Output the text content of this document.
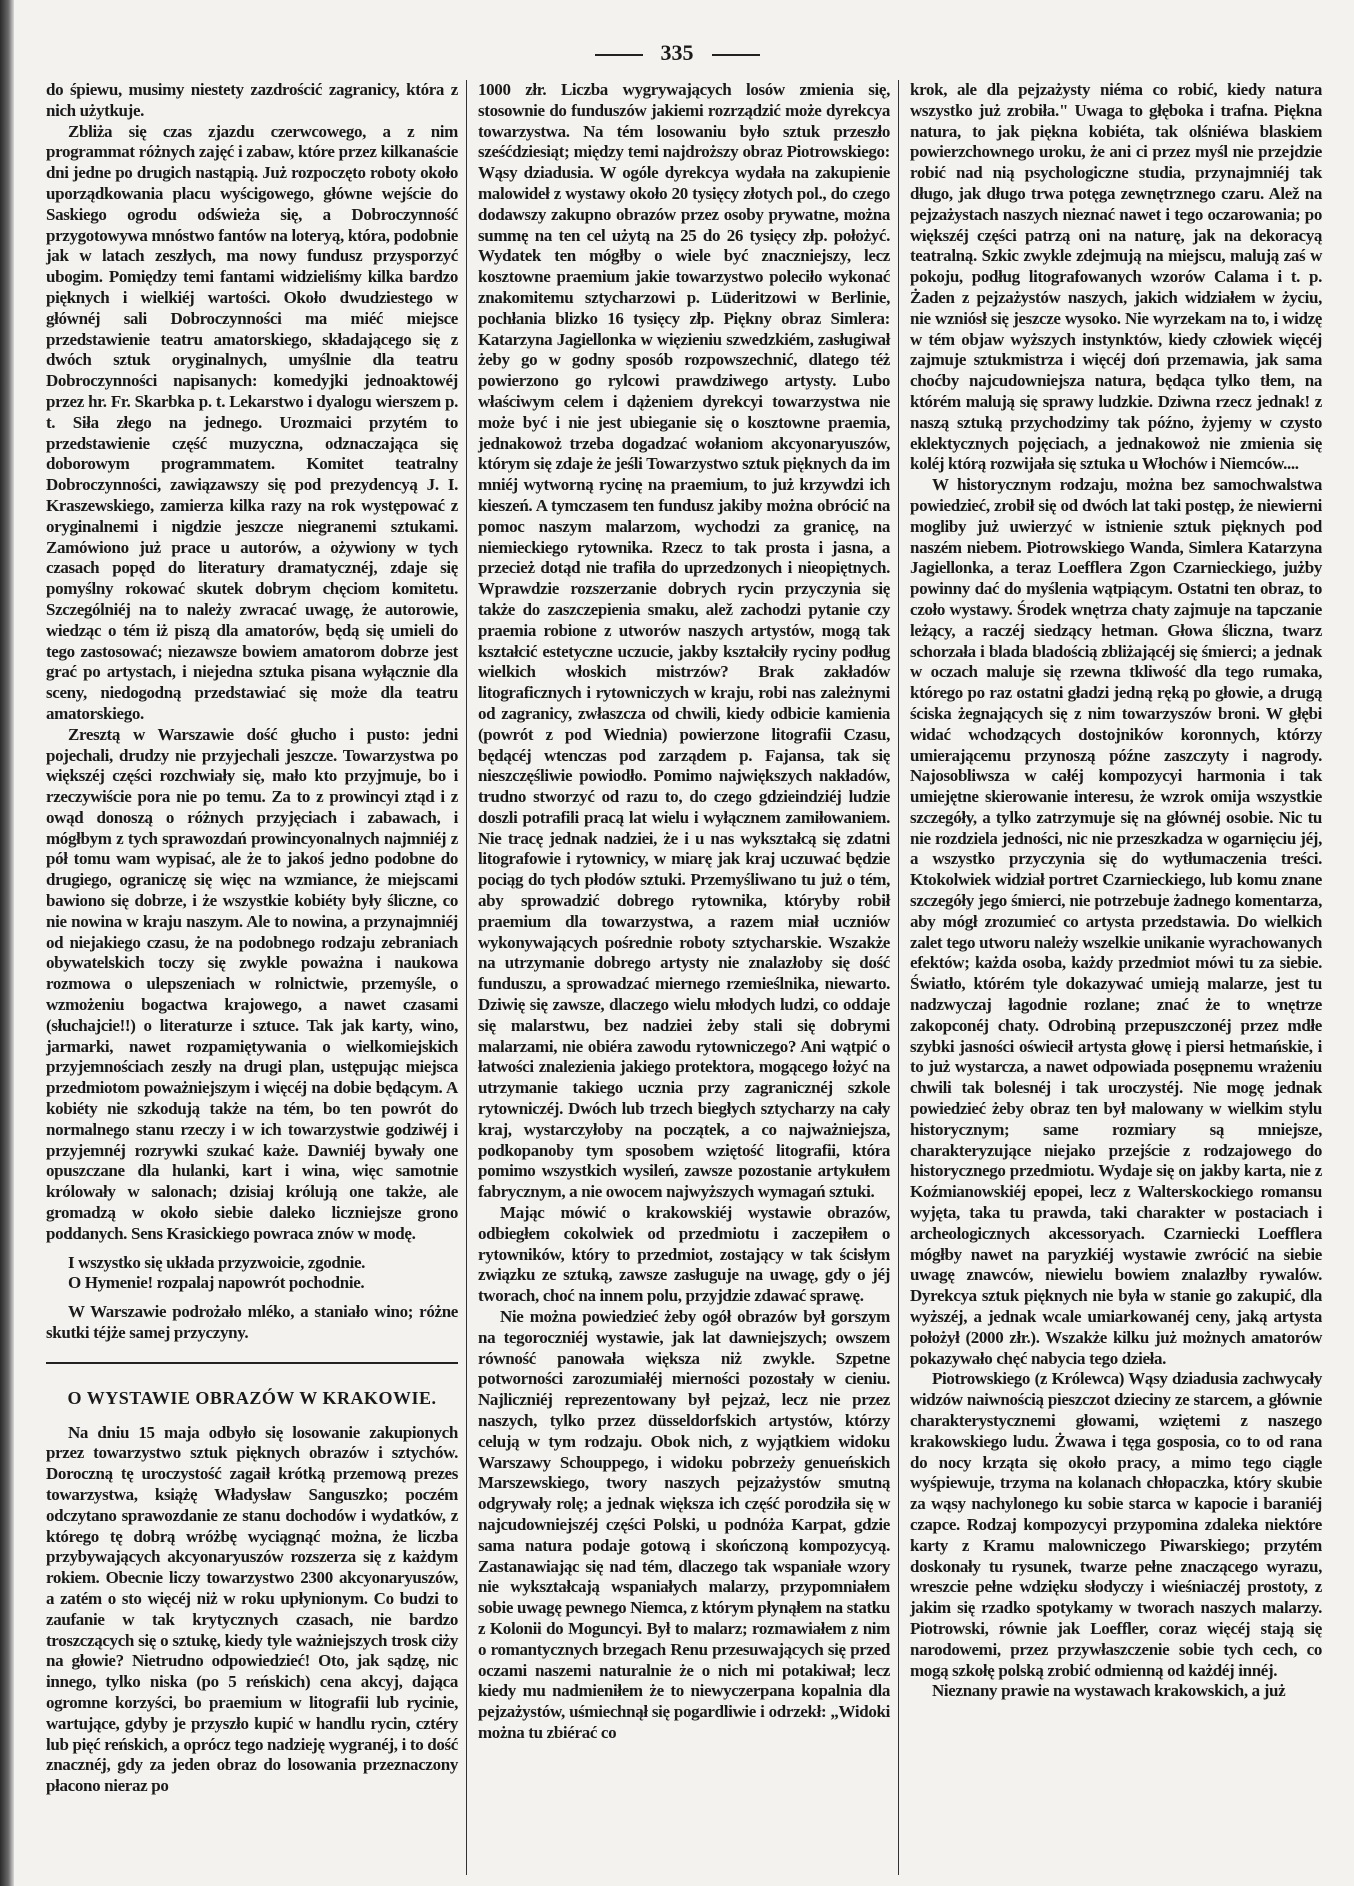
335

do śpiewu, musimy niestety zazdrościć zagranicy, która z nich użytkuje.

Zbliża się czas zjazdu czerwcowego, a z nim programmat różnych zajęć i zabaw, które przez kilkanaście dni jedne po drugich nastąpią. Już rozpoczęto roboty około uporządkowania placu wyścigowego, główne wejście do Saskiego ogrodu odświeża się, a Dobroczynność przygotowywa mnóstwo fantów na loteryą, która, podobnie jak w latach zeszłych, ma nowy fundusz przysporzyć ubogim. Pomiędzy temi fantami widzieliśmy kilka bardzo pięknych i wielkiéj wartości. Około dwudziestego w głównéj sali Dobroczynności ma miéć miejsce przedstawienie teatru amatorskiego, składającego się z dwóch sztuk oryginalnych, umyślnie dla teatru Dobroczynności napisanych: komedyjki jednoaktowéj przez hr. Fr. Skarbka p. t. Lekarstwo i dyalogu wierszem p. t. Siła złego na jednego. Urozmaici przytém to przedstawienie część muzyczna, odznaczająca się doborowym programmatem. Komitet teatralny Dobroczynności, zawiązawszy się pod prezydencyą J. I. Kraszewskiego, zamierza kilka razy na rok występować z oryginalnemi i nigdzie jeszcze niegranemi sztukami. Zamówiono już prace u autorów, a ożywiony w tych czasach popęd do literatury dramatycznéj, zdaje się pomyślny rokować skutek dobrym chęciom komitetu. Szczególniéj na to należy zwracać uwagę, że autorowie, wiedząc o tém iż piszą dla amatorów, będą się umieli do tego zastosować; niezawsze bowiem amatorom dobrze jest grać po artystach, i niejedna sztuka pisana wyłącznie dla sceny, niedogodną przedstawiać się może dla teatru amatorskiego.

Zresztą w Warszawie dość głucho i pusto: jedni pojechali, drudzy nie przyjechali jeszcze. Towarzystwa po większéj części rozchwiały się, mało kto przyjmuje, bo i rzeczywiście pora nie po temu. Za to z prowincyi ztąd i z owąd donoszą o różnych przyjęciach i zabawach, i mógłbym z tych sprawozdań prowincyonalnych najmniéj z pół tomu wam wypisać, ale że to jakoś jedno podobne do drugiego, ograniczę się więc na wzmiance, że miejscami bawiono się dobrze, i że wszystkie kobiéty były śliczne, co nie nowina w kraju naszym. Ale to nowina, a przynajmniéj od niejakiego czasu, że na podobnego rodzaju zebraniach obywatelskich toczy się zwykle poważna i naukowa rozmowa o ulepszeniach w rolnictwie, przemyśle, o wzmożeniu bogactwa krajowego, a nawet czasami (słuchajcie!!) o literaturze i sztuce. Tak jak karty, wino, jarmarki, nawet rozpamiętywania o wielkomiejskich przyjemnościach zeszły na drugi plan, ustępując miejsca przedmiotom poważniejszym i więcéj na dobie będącym. A kobiéty nie szkodują także na tém, bo ten powrót do normalnego stanu rzeczy i w ich towarzystwie godziwéj i przyjemnéj rozrywki szukać każe. Dawniéj bywały one opuszczane dla hulanki, kart i wina, więc samotnie królowały w salonach; dzisiaj królują one także, ale gromadzą w około siebie daleko liczniejsze grono poddanych. Sens Krasickiego powraca znów w modę.

I wszystko się układa przyzwoicie, zgodnie.

O Hymenie! rozpalaj napowrót pochodnie.

W Warszawie podrożało mléko, a staniało wino; różne skutki téjże samej przyczyny.

O WYSTAWIE OBRAZÓW W KRAKOWIE.

Na dniu 15 maja odbyło się losowanie zakupionych przez towarzystwo sztuk pięknych obrazów i sztychów. Doroczną tę uroczystość zagaił krótką przemową prezes towarzystwa, książę Władysław Sanguszko; poczém odczytano sprawozdanie ze stanu dochodów i wydatków, z którego tę dobrą wróżbę wyciągnąć można, że liczba przybywających akcyonaryuszów rozszerza się z każdym rokiem. Obecnie liczy towarzystwo 2300 akcyonaryuszów, a zatém o sto więcéj niż w roku upłynionym. Co budzi to zaufanie w tak krytycznych czasach, nie bardzo troszczących się o sztukę, kiedy tyle ważniejszych trosk ciży na głowie? Nietrudno odpowiedzieć! Oto, jak sądzę, nic innego, tylko niska (po 5 reńskich) cena akcyj, dająca ogromne korzyści, bo praemium w litografii lub rycinie, wartujące, gdyby je przyszło kupić w handlu rycin, cztéry lub pięć reńskich, a oprócz tego nadzieję wygranéj, i to dość znacznéj, gdy za jeden obraz do losowania przeznaczony płacono nieraz po

1000 złr. Liczba wygrywających losów zmienia się, stosownie do funduszów jakiemi rozrządzić może dyrekcya towarzystwa. Na tém losowaniu było sztuk przeszło sześćdziesiąt; między temi najdroższy obraz Piotrowskiego: Wąsy dziadusia. W ogóle dyrekcya wydała na zakupienie malowideł z wystawy około 20 tysięcy złotych pol., do czego dodawszy zakupno obrazów przez osoby prywatne, można summę na ten cel użytą na 25 do 26 tysięcy złp. położyć. Wydatek ten mógłby o wiele być znaczniejszy, lecz kosztowne praemium jakie towarzystwo poleciło wykonać znakomitemu sztycharzowi p. Lüderitzowi w Berlinie, pochłania blizko 16 tysięcy złp. Piękny obraz Simlera: Katarzyna Jagiellonka w więzieniu szwedzkiém, zasługiwał żeby go w godny sposób rozpowszechnić, dlatego téż powierzono go rylcowi prawdziwego artysty. Lubo właściwym celem i dążeniem dyrekcyi towarzystwa nie może być i nie jest ubieganie się o kosztowne praemia, jednakowoż trzeba dogadzać wołaniom akcyonaryuszów, którym się zdaje że jeśli Towarzystwo sztuk pięknych da im mniéj wytworną rycinę na praemium, to już krzywdzi ich kieszeń. A tymczasem ten fundusz jakiby można obrócić na pomoc naszym malarzom, wychodzi za granicę, na niemieckiego rytownika. Rzecz to tak prosta i jasna, a przecież dotąd nie trafiła do uprzedzonych i nieopiętnych. Wprawdzie rozszerzanie dobrych rycin przyczynia się także do zaszczepienia smaku, alež zachodzi pytanie czy praemia robione z utworów naszych artystów, mogą tak kształcić estetyczne uczucie, jakby kształciły ryciny podług wielkich włoskich mistrzów? Brak zakładów litograficznych i rytowniczych w kraju, robi nas zależnymi od zagranicy, zwłaszcza od chwili, kiedy odbicie kamienia (powrót z pod Wiednia) powierzone litografii Czasu, będącéj wtenczas pod zarządem p. Fajansa, tak się nieszczęśliwie powiodło. Pomimo największych nakładów, trudno stworzyć od razu to, do czego gdzieindziéj ludzie doszli potrafili pracą lat wielu i wyłącznem zamiłowaniem. Nie tracę jednak nadziei, że i u nas wykształcą się zdatni litografowie i rytownicy, w miarę jak kraj uczuwać będzie pociąg do tych płodów sztuki. Przemyśliwano tu już o tém, aby sprowadzić dobrego rytownika, któryby robił praemium dla towarzystwa, a razem miał uczniów wykonywających pośrednie roboty sztycharskie. Wszakże na utrzymanie dobrego artysty nie znalazłoby się dość funduszu, a sprowadzać miernego rzemieślnika, niewarto. Dziwię się zawsze, dlaczego wielu młodych ludzi, co oddaje się malarstwu, bez nadziei żeby stali się dobrymi malarzami, nie obiéra zawodu rytowniczego? Ani wątpić o łatwości znalezienia jakiego protektora, mogącego łożyć na utrzymanie takiego ucznia przy zagranicznéj szkole rytowniczéj. Dwóch lub trzech biegłych sztycharzy na cały kraj, wystarczyłoby na początek, a co najważniejsza, podkopanoby tym sposobem wziętość litografii, która pomimo wszystkich wysileń, zawsze pozostanie artykułem fabrycznym, a nie owocem najwyższych wymagań sztuki.

Mając mówić o krakowskiéj wystawie obrazów, odbiegłem cokolwiek od przedmiotu i zaczepiłem o rytowników, który to przedmiot, zostający w tak ścisłym związku ze sztuką, zawsze zasługuje na uwagę, gdy o jéj tworach, choć na innem polu, przyjdzie zdawać sprawę.

Nie można powiedzieć żeby ogół obrazów był gorszym na tegoroczniéj wystawie, jak lat dawniejszych; owszem równość panowała większa niż zwykle. Szpetne potworności zarozumiałéj mierności pozostały w cieniu. Najliczniéj reprezentowany był pejzaż, lecz nie przez naszych, tylko przez düsseldorfskich artystów, którzy celują w tym rodzaju. Obok nich, z wyjątkiem widoku Warszawy Schouppego, i widoku pobrzeży genueńskich Marszewskiego, twory naszych pejzażystów smutną odgrywały rolę; a jednak większa ich część porodziła się w najcudowniejszéj części Polski, u podnóża Karpat, gdzie sama natura podaje gotową i skończoną kompozycyą. Zastanawiając się nad tém, dlaczego tak wspaniałe wzory nie wykształcają wspaniałych malarzy, przypomniałem sobie uwagę pewnego Niemca, z którym płynąłem na statku z Kolonii do Moguncyi. Był to malarz; rozmawiałem z nim o romantycznych brzegach Renu przesuwających się przed oczami naszemi naturalnie że o nich mi potakiwał; lecz kiedy mu nadmieniłem że to niewyczerpana kopalnia dla pejzażystów, uśmiechnął się pogardliwie i odrzekł: „Widoki można tu zbiérać co

krok, ale dla pejzażysty niéma co robić, kiedy natura wszystko już zrobiła." Uwaga to głęboka i trafna. Piękna natura, to jak piękna kobiéta, tak olśniéwa blaskiem powierzchownego uroku, że ani ci przez myśl nie przejdzie robić nad nią psychologiczne studia, przynajmniéj tak długo, jak długo trwa potęga zewnętrznego czaru. Alež na pejzażystach naszych nieznać nawet i tego oczarowania; po większéj części patrzą oni na naturę, jak na dekoracyą teatralną. Szkic zwykle zdejmują na miejscu, malują zaś w pokoju, podług litografowanych wzorów Calama i t. p. Żaden z pejzażystów naszych, jakich widziałem w życiu, nie wzniósł się jeszcze wysoko. Nie wyrzekam na to, i widzę w tém objaw wyższych instynktów, kiedy człowiek więcéj zajmuje sztukmistrza i więcéj doń przemawia, jak sama choćby najcudowniejsza natura, będąca tylko tłem, na którém malują się sprawy ludzkie. Dziwna rzecz jednak! z naszą sztuką przychodzimy tak późno, żyjemy w czysto eklektycznych pojęciach, a jednakowoż nie zmienia się koléj którą rozwijała się sztuka u Włochów i Niemców....

W historycznym rodzaju, można bez samochwalstwa powiedzieć, zrobił się od dwóch lat taki postęp, że niewierni mogliby już uwierzyć w istnienie sztuk pięknych pod naszém niebem. Piotrowskiego Wanda, Simlera Katarzyna Jagiellonka, a teraz Loefflera Zgon Czarnieckiego, jużby powinny dać do myślenia wątpiącym. Ostatni ten obraz, to czoło wystawy. Środek wnętrza chaty zajmuje na tapczanie leżący, a raczéj siedzący hetman. Głowa śliczna, twarz schorzała i blada bladością zbliżającéj się śmierci; a jednak w oczach maluje się rzewna tkliwość dla tego rumaka, którego po raz ostatni gładzi jedną ręką po głowie, a drugą ściska żegnających się z nim towarzyszów broni. W głębi widać wchodzących dostojników koronnych, którzy umierającemu przynoszą późne zaszczyty i nagrody. Najosobliwsza w całéj kompozycyi harmonia i tak umiejętne skierowanie interesu, że wzrok omija wszystkie szczegóły, a tylko zatrzymuje się na głównéj osobie. Nic tu nie rozdziela jedności, nic nie przeszkadza w ogarnięciu jéj, a wszystko przyczynia się do wytłumaczenia treści. Ktokolwiek widział portret Czarnieckiego, lub komu znane szczegóły jego śmierci, nie potrzebuje żadnego komentarza, aby mógł zrozumieć co artysta przedstawia. Do wielkich zalet tego utworu należy wszelkie unikanie wyrachowanych efektów; każda osoba, każdy przedmiot mówi tu za siebie. Światło, którém tyle dokazywać umieją malarze, jest tu nadzwyczaj łagodnie rozlane; znać że to wnętrze zakopconéj chaty. Odrobiną przepuszczonéj przez mdłe szybki jasności oświecił artysta głowę i piersi hetmańskie, i to już wystarcza, a nawet odpowiada posępnemu wrażeniu chwili tak bolesnéj i tak uroczystéj. Nie mogę jednak powiedzieć żeby obraz ten był malowany w wielkim stylu historycznym; same rozmiary są mniejsze, charakteryzujące niejako przejście z rodzajowego do historycznego przedmiotu. Wydaje się on jakby karta, nie z Koźmianowskiéj epopei, lecz z Walterskockiego romansu wyjęta, taka tu prawda, taki charakter w postaciach i archeologicznych akcessoryach. Czarniecki Loefflera mógłby nawet na paryzkiéj wystawie zwrócić na siebie uwagę znawców, niewielu bowiem znalazłby rywalów. Dyrekcya sztuk pięknych nie była w stanie go zakupić, dla wyższéj, a jednak wcale umiarkowanéj ceny, jaką artysta położył (2000 złr.). Wszakże kilku już możnych amatorów pokazywało chęć nabycia tego dzieła.

Piotrowskiego (z Królewca) Wąsy dziadusia zachwycały widzów naiwnością pieszczot dzieciny ze starcem, a głównie charakterystycznemi głowami, wziętemi z naszego krakowskiego ludu. Żwawa i tęga gosposia, co to od rana do nocy krząta się około pracy, a mimo tego ciągle wyśpiewuje, trzyma na kolanach chłopaczka, który skubie za wąsy nachylonego ku sobie starca w kapocie i baraniéj czapce. Rodzaj kompozycyi przypomina zdaleka niektóre karty z Kramu malowniczego Piwarskiego; przytém doskonały tu rysunek, twarze pełne znaczącego wyrazu, wreszcie pełne wdzięku słodyczy i wieśniaczéj prostoty, z jakim się rzadko spotykamy w tworach naszych malarzy. Piotrowski, równie jak Loeffler, coraz więcéj stają się narodowemi, przez przywłaszczenie sobie tych cech, co mogą szkołę polską zrobić odmienną od każdéj innéj.

Nieznany prawie na wystawach krakowskich, a już
